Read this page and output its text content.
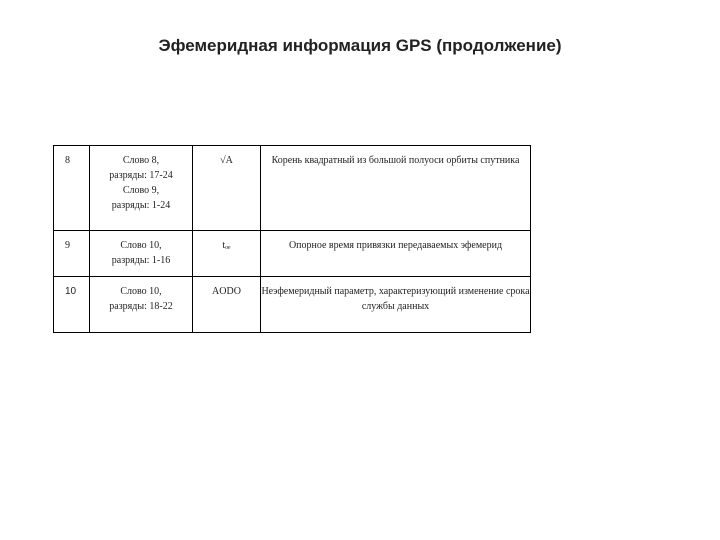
Эфемеридная информация GPS (продолжение)
8	Слово 8,
разряды: 17-24
Слово 9,
разряды: 1-24	√A	Корень квадратный из большой полуоси орбиты спутника
9	Слово 10,
разряды: 1-16	tₒₑ	Опорное время привязки передаваемых эфемерид
10	Слово 10,
разряды: 18-22	AODO	Неэфемеридный параметр, характеризующий изменение срока службы данных
